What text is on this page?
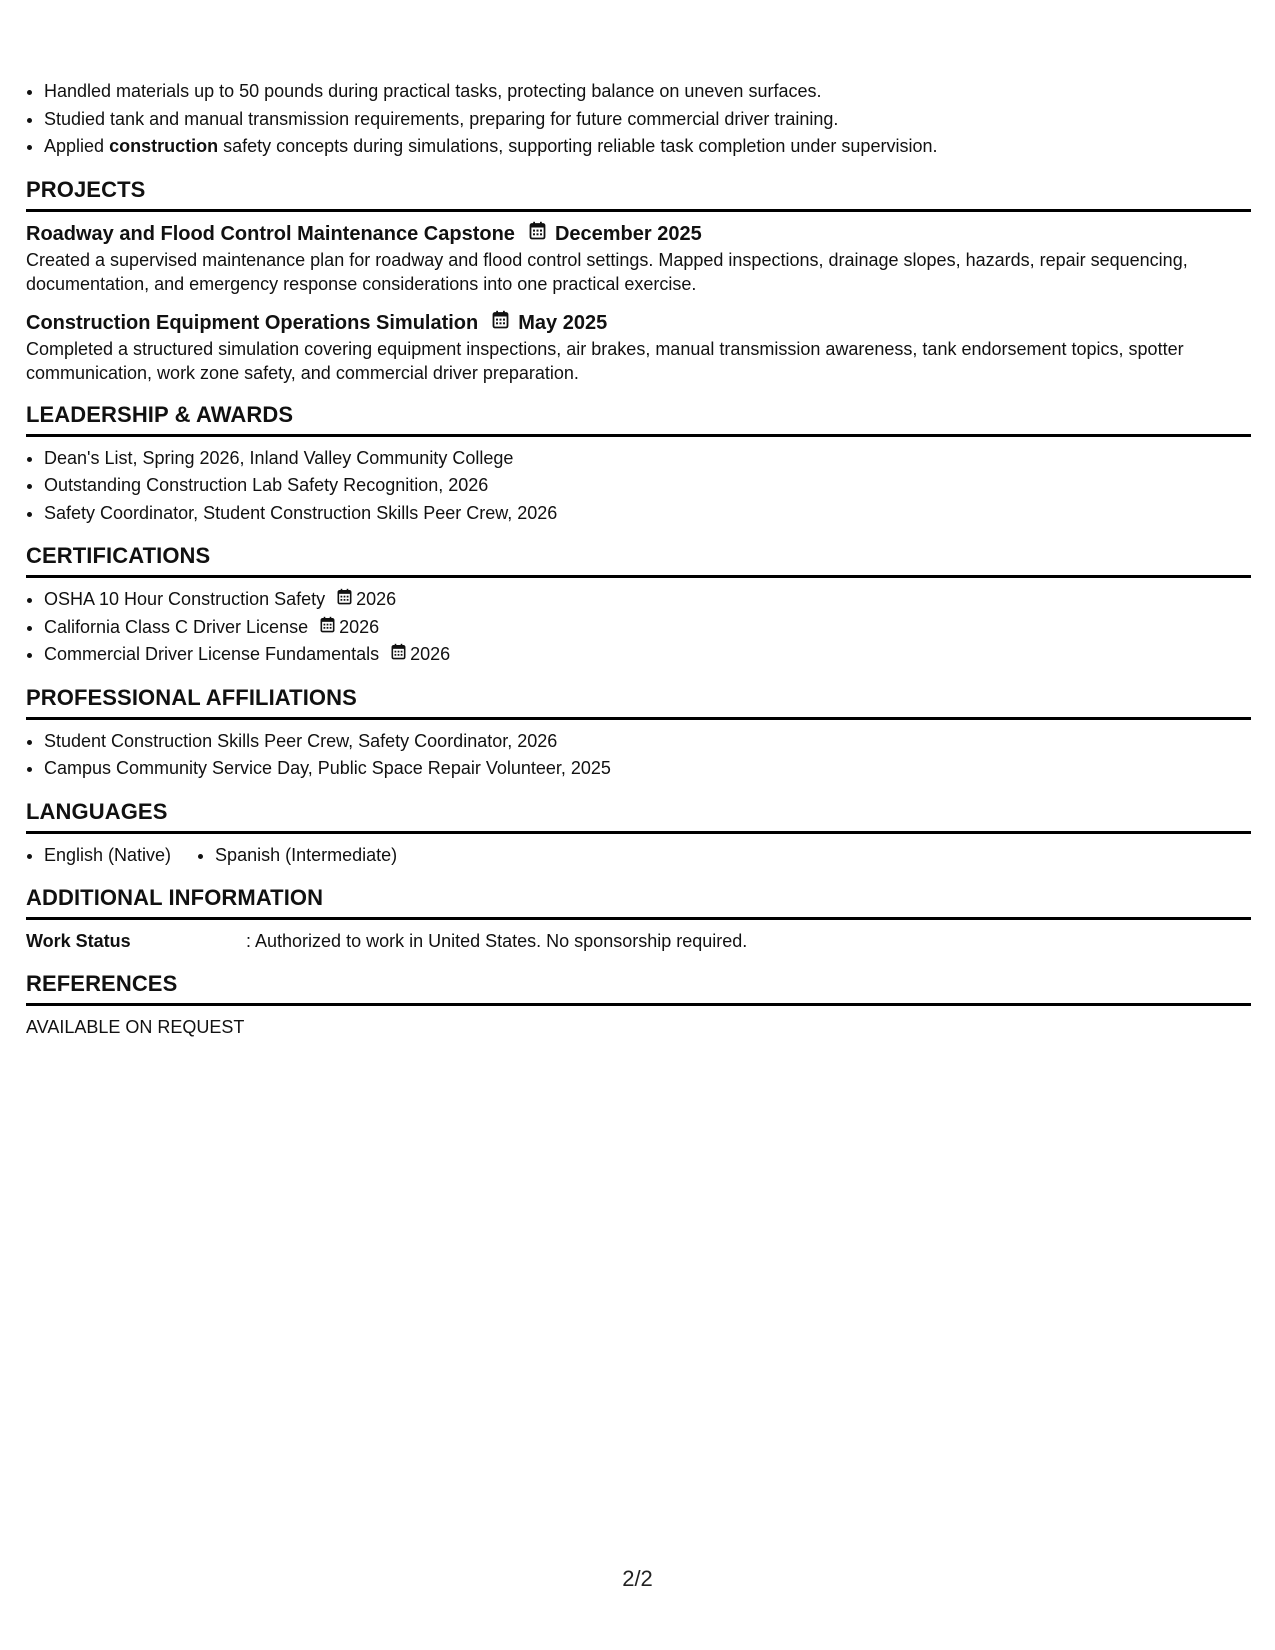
• Handled materials up to 50 pounds during practical tasks, protecting balance on uneven surfaces.
• Studied tank and manual transmission requirements, preparing for future commercial driver training.
• Applied construction safety concepts during simulations, supporting reliable task completion under supervision.
PROJECTS
Roadway and Flood Control Maintenance Capstone December 2025

Created a supervised maintenance plan for roadway and flood control settings. Mapped inspections, drainage slopes, hazards, repair sequencing, documentation, and emergency response considerations into one practical exercise.

Construction Equipment Operations Simulation May 2025

Completed a structured simulation covering equipment inspections, air brakes, manual transmission awareness, tank endorsement topics, spotter communication, work zone safety, and commercial driver preparation.

LEADERSHIP & AWARDS
• Dean's List, Spring 2026, Inland Valley Community College
• Outstanding Construction Lab Safety Recognition, 2026
• Safety Coordinator, Student Construction Skills Peer Crew, 2026
CERTIFICATIONS
• OSHA 10 Hour Construction Safety 2026
• California Class C Driver License 2026
• Commercial Driver License Fundamentals 2026
PROFESSIONAL AFFILIATIONS
• Student Construction Skills Peer Crew, Safety Coordinator, 2026
• Campus Community Service Day, Public Space Repair Volunteer, 2025
LANGUAGES
• English (Native)
• Spanish (Intermediate)
ADDITIONAL INFORMATION
Work Status	: Authorized to work in United States. No sponsorship required.
REFERENCES
AVAILABLE ON REQUEST
2/2
